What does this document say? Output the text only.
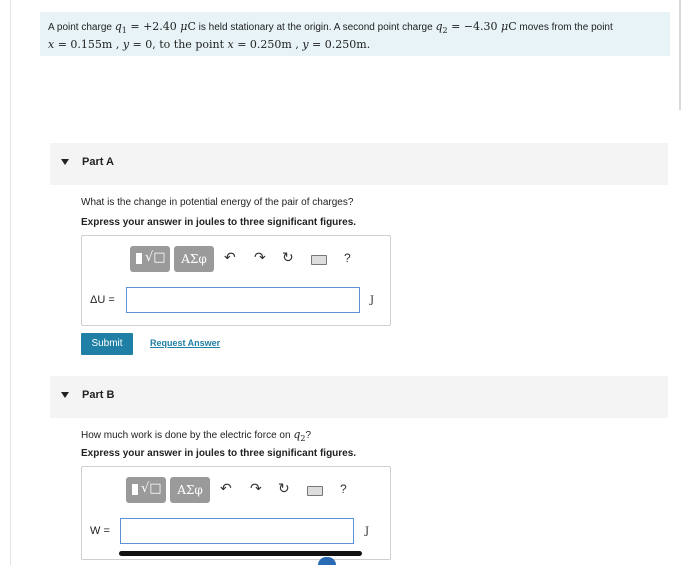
A point charge $q_1 = +2.40$ μC is held stationary at the origin. A second point charge $q_2 = -4.30$ μC moves from the point
x = 0.155m , y = 0, to the point x = 0.250m , y = 0.250m.
Part A
What is the change in potential energy of the pair of charges?
Express your answer in joules to three significant figures.
√□	ΑΣφ	↶ ↷ ↻	?
ΔU =	J
Submit	Request Answer
Part B
How much work is done by the electric force on $q_2$?
Express your answer in joules to three significant figures.
√□	ΑΣφ	↶ ↷ ↻	?
W =	J
